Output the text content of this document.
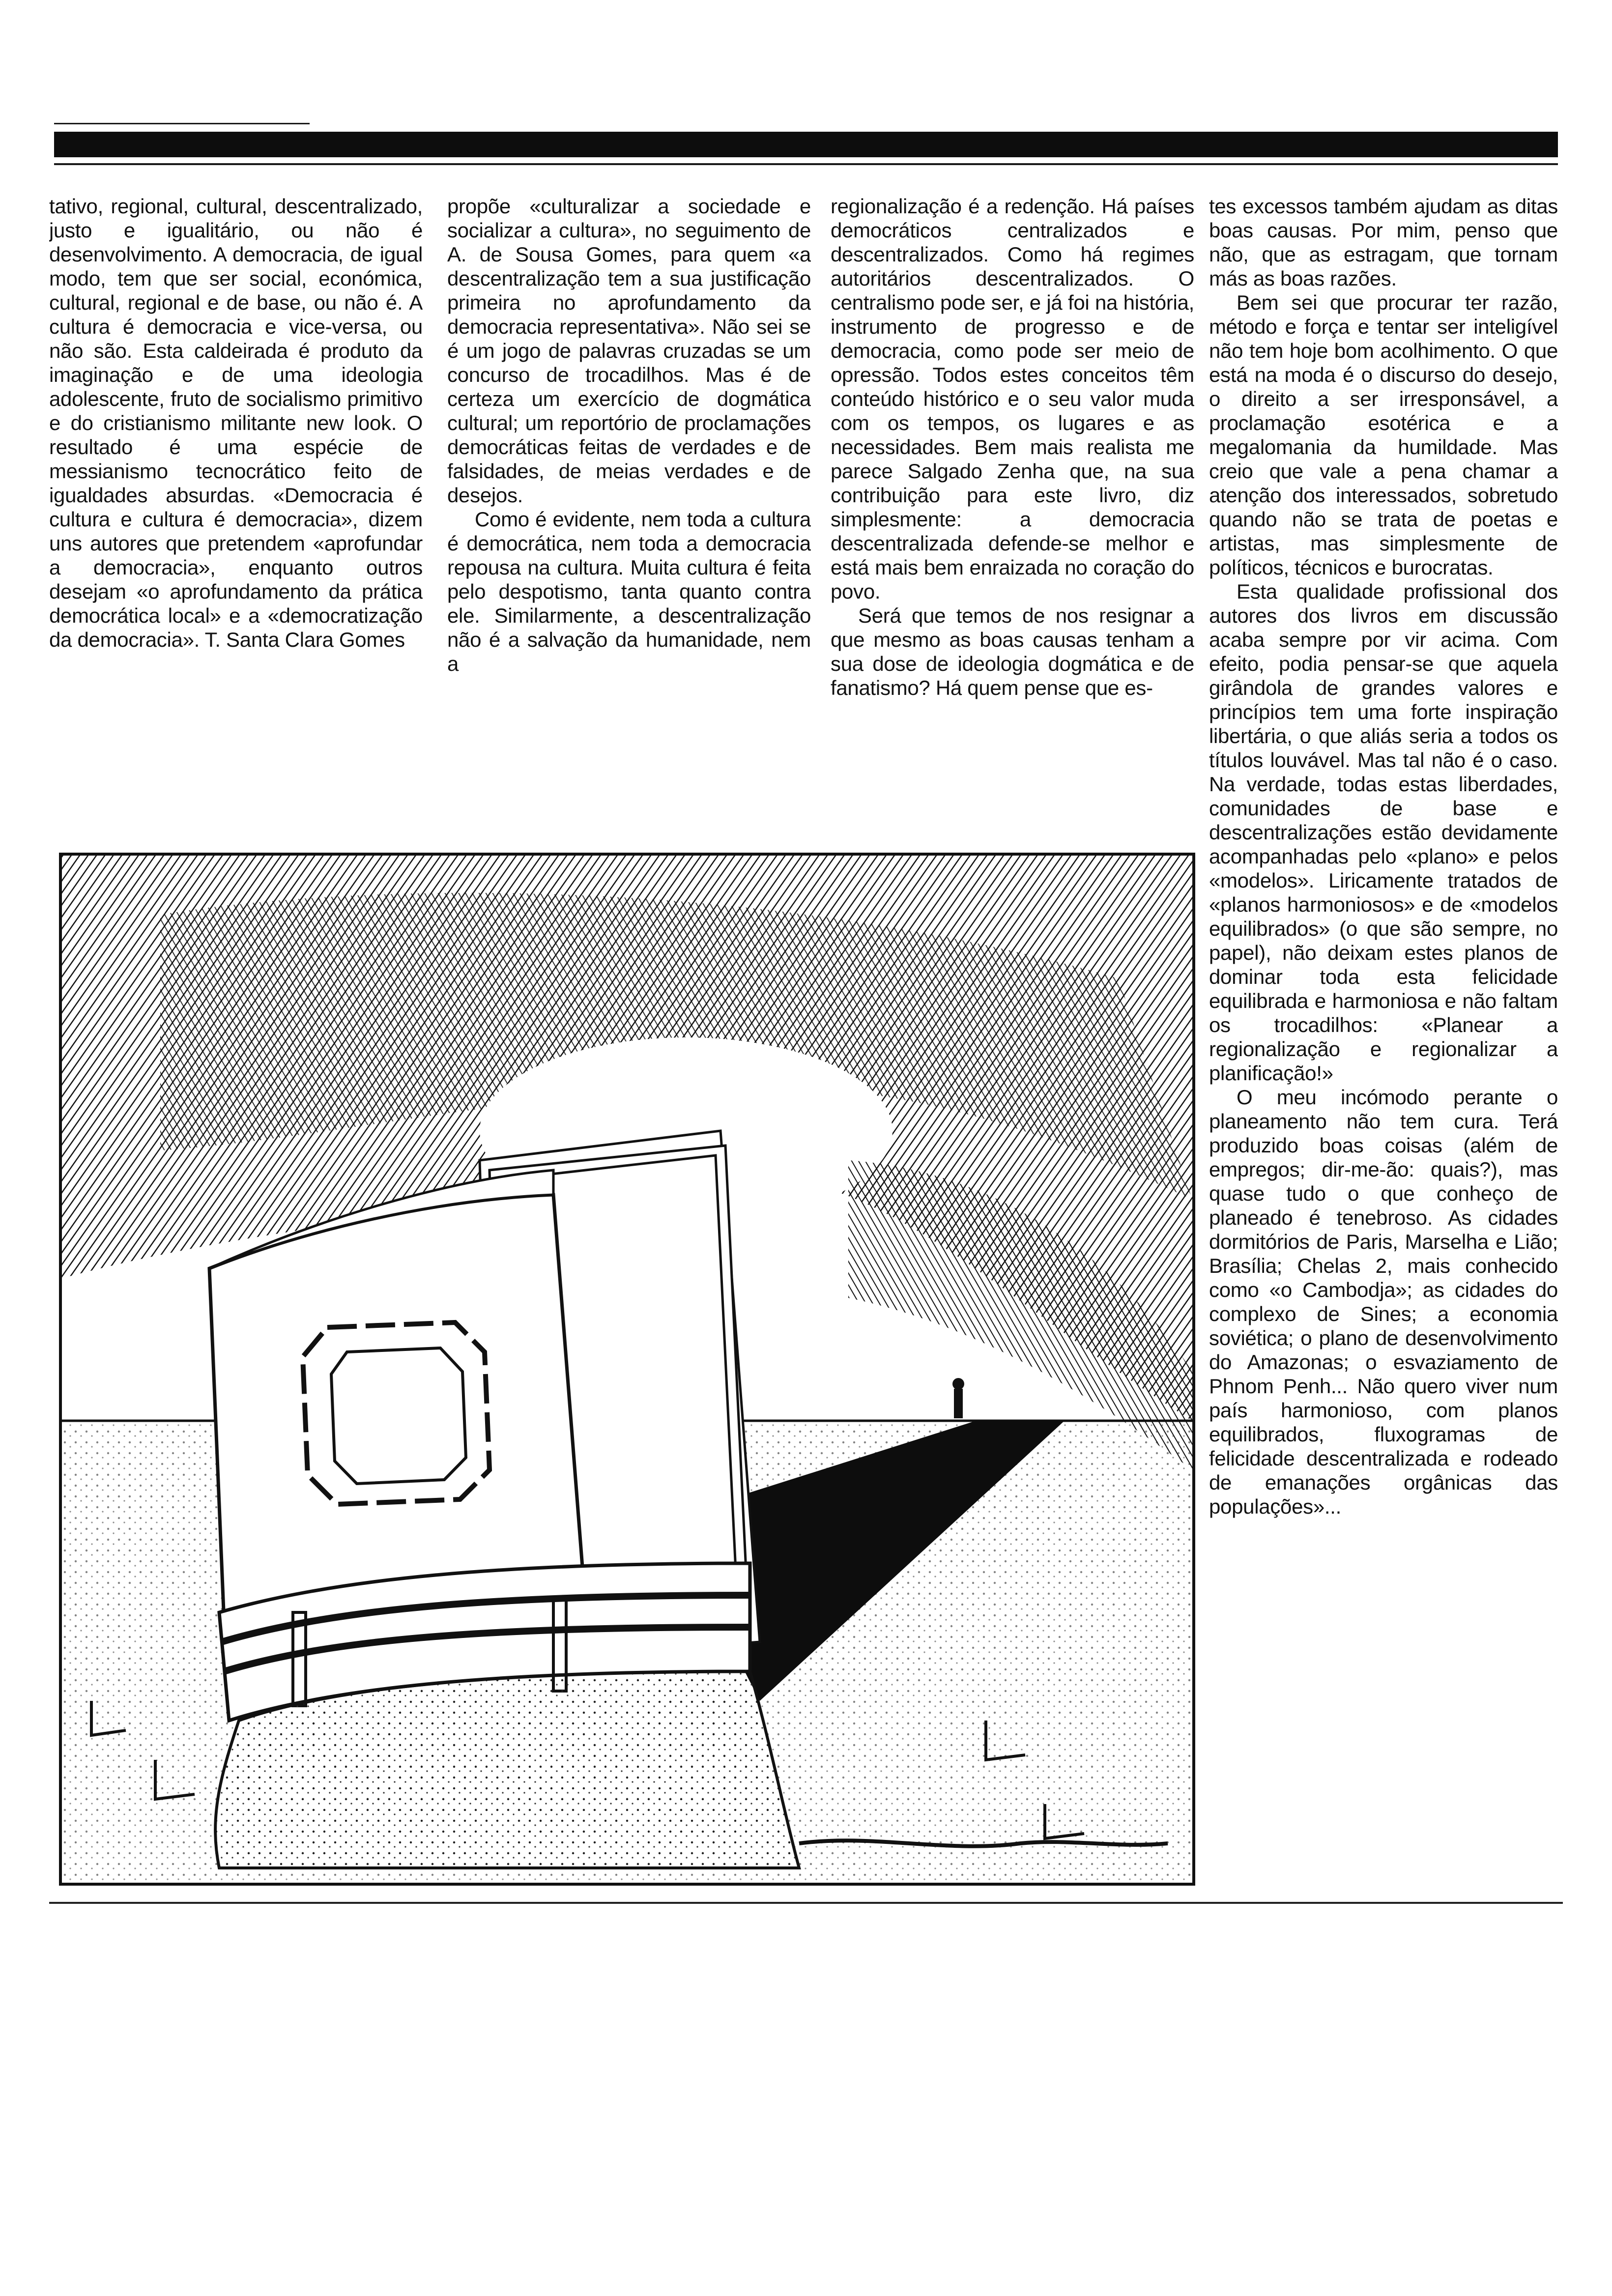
tativo, regional, cultural, descentralizado, justo e igualitário, ou não é desenvolvimento. A democracia, de igual modo, tem que ser social, económica, cultural, regional e de base, ou não é. A cultura é democracia e vice-versa, ou não são. Esta caldeirada é produto da imaginação e de uma ideologia adolescente, fruto de socialismo primitivo e do cristianismo militante new look. O resultado é uma espécie de messianismo tecnocrático feito de igualdades absurdas. «Democracia é cultura e cultura é democracia», dizem uns autores que pretendem «aprofundar a democracia», enquanto outros desejam «o aprofundamento da prática democrática local» e a «democratização da democracia». T. Santa Clara Gomes

propõe «culturalizar a sociedade e socializar a cultura», no seguimento de A. de Sousa Gomes, para quem «a descentralização tem a sua justificação primeira no aprofundamento da democracia representativa». Não sei se é um jogo de palavras cruzadas se um concurso de trocadilhos. Mas é de certeza um exercício de dogmática cultural; um reportório de proclamações democráticas feitas de verdades e de falsidades, de meias verdades e de desejos.

Como é evidente, nem toda a cultura é democrática, nem toda a democracia repousa na cultura. Muita cultura é feita pelo despotismo, tanta quanto contra ele. Similarmente, a descentralização não é a salvação da humanidade, nem a

regionalização é a redenção. Há países democráticos centralizados e descentralizados. Como há regimes autoritários descentralizados. O centralismo pode ser, e já foi na história, instrumento de progresso e de democracia, como pode ser meio de opressão. Todos estes conceitos têm conteúdo histórico e o seu valor muda com os tempos, os lugares e as necessidades. Bem mais realista me parece Salgado Zenha que, na sua contribuição para este livro, diz simplesmente: a democracia descentralizada defende-se melhor e está mais bem enraizada no coração do povo.

Será que temos de nos resignar a que mesmo as boas causas tenham a sua dose de ideologia dogmática e de fanatismo? Há quem pense que es-

tes excessos também ajudam as ditas boas causas. Por mim, penso que não, que as estragam, que tornam más as boas razões.

Bem sei que procurar ter razão, método e força e tentar ser inteligível não tem hoje bom acolhimento. O que está na moda é o discurso do desejo, o direito a ser irresponsável, a proclamação esotérica e a megalomania da humildade. Mas creio que vale a pena chamar a atenção dos interessados, sobretudo quando não se trata de poetas e artistas, mas simplesmente de políticos, técnicos e burocratas.

Esta qualidade profissional dos autores dos livros em discussão acaba sempre por vir acima. Com efeito, podia pensar-se que aquela girândola de grandes valores e princípios tem uma forte inspiração libertária, o que aliás seria a todos os títulos louvável. Mas tal não é o caso. Na verdade, todas estas liberdades, comunidades de base e descentralizações estão devidamente acompanhadas pelo «plano» e pelos «modelos». Liricamente tratados de «planos harmoniosos» e de «modelos equilibrados» (o que são sempre, no papel), não deixam estes planos de dominar toda esta felicidade equilibrada e harmoniosa e não faltam os trocadilhos: «Planear a regionalização e regionalizar a planificação!»

O meu incómodo perante o planeamento não tem cura. Terá produzido boas coisas (além de empregos; dir-me-ão: quais?), mas quase tudo o que conheço de planeado é tenebroso. As cidades dormitórios de Paris, Marselha e Lião; Brasília; Chelas 2, mais conhecido como «o Cambodja»; as cidades do complexo de Sines; a economia soviética; o plano de desenvolvimento do Amazonas; o esvaziamento de Phnom Penh... Não quero viver num país harmonioso, com planos equilibrados, fluxogramas de felicidade descentralizada e rodeado de emanações orgânicas das populações»...
